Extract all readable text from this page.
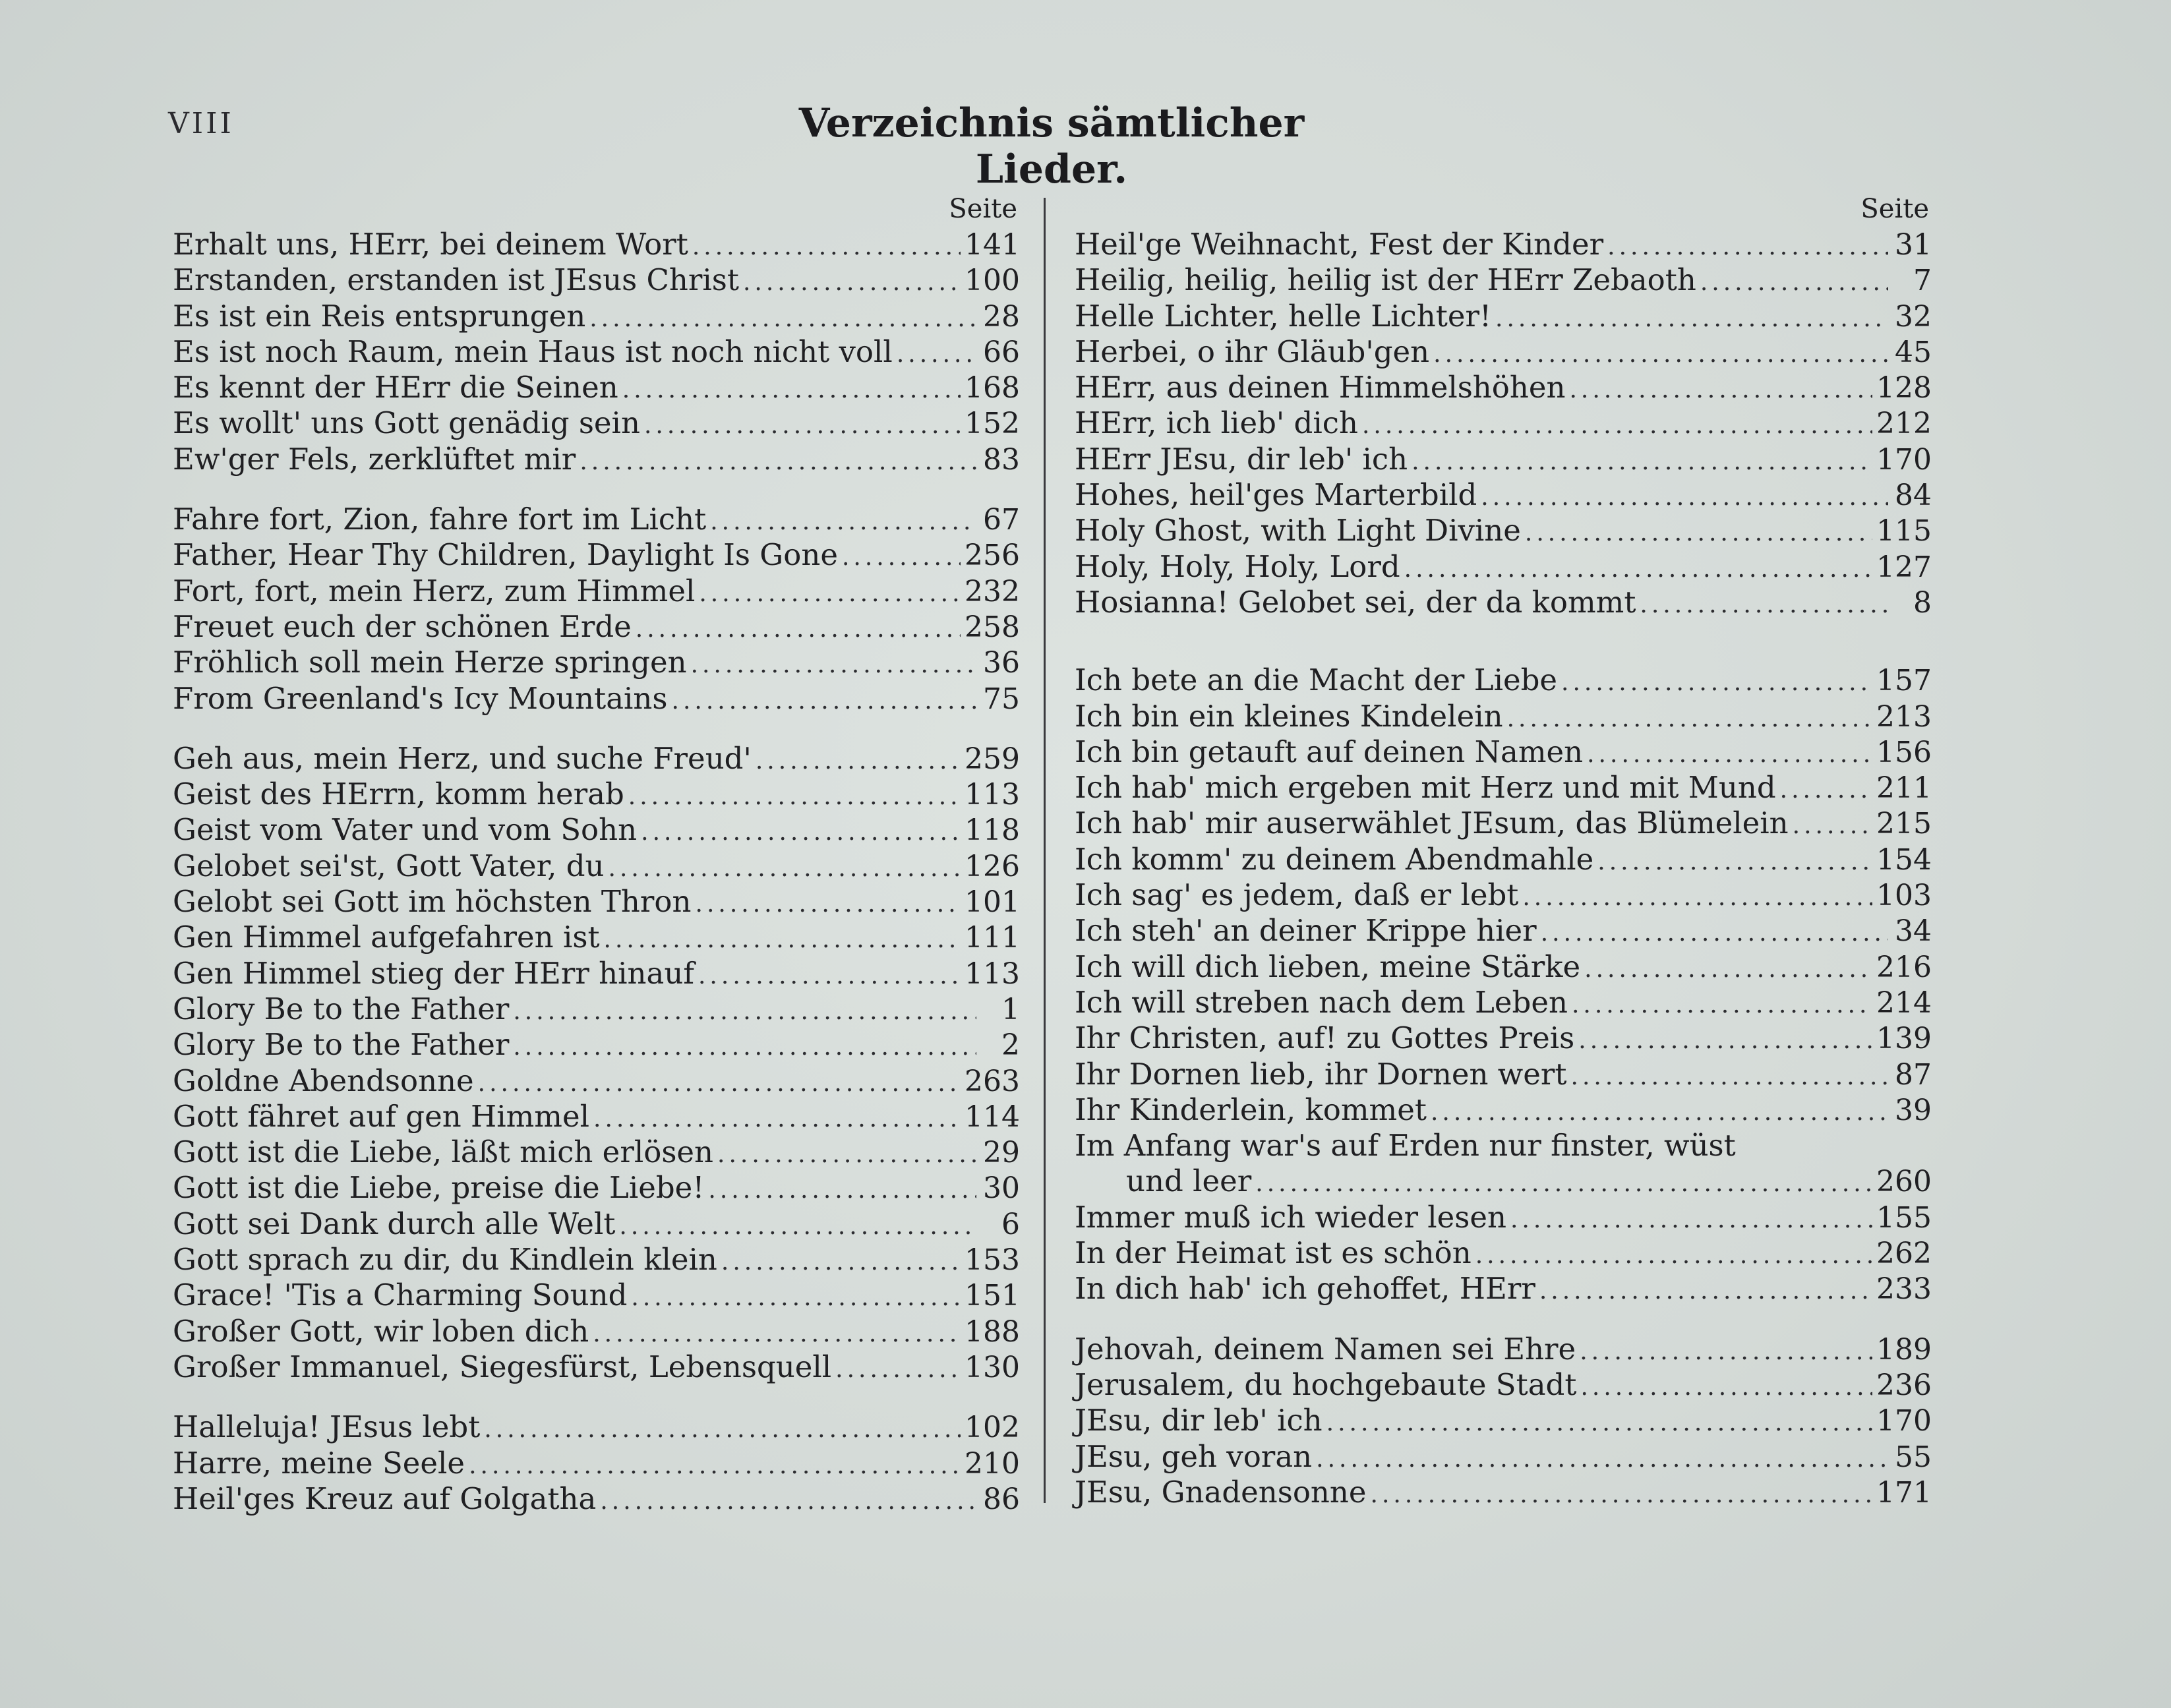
VIII	Verzeichnis sämtlicher Lieder.
Seite
Erhalt uns, HErr, bei deinem Wort .....	141
Erstanden, erstanden ist JEsus Christ .....	100
Es ist ein Reis entsprungen .....	28
Es ist noch Raum, mein Haus ist noch nicht voll .....	66
Es kennt der HErr die Seinen .....	168
Es wollt' uns Gott genädig sein .....	152
Ew'ger Fels, zerklüftet mir .....	83
Fahre fort, Zion, fahre fort im Licht .....	67
Father, Hear Thy Children, Daylight Is Gone .....	256
Fort, fort, mein Herz, zum Himmel .....	232
Freuet euch der schönen Erde .....	258
Fröhlich soll mein Herze springen .....	36
From Greenland's Icy Mountains .....	75
Geh aus, mein Herz, und suche Freud' .....	259
Geist des HErrn, komm herab .....	113
Geist vom Vater und vom Sohn .....	118
Gelobet sei'st, Gott Vater, du .....	126
Gelobt sei Gott im höchsten Thron .....	101
Gen Himmel aufgefahren ist .....	111
Gen Himmel stieg der HErr hinauf .....	113
Glory Be to the Father .....	1
Glory Be to the Father .....	2
Goldne Abendsonne .....	263
Gott fähret auf gen Himmel .....	114
Gott ist die Liebe, läßt mich erlösen .....	29
Gott ist die Liebe, preise die Liebe! .....	30
Gott sei Dank durch alle Welt .....	6
Gott sprach zu dir, du Kindlein klein .....	153
Grace! 'Tis a Charming Sound .....	151
Großer Gott, wir loben dich .....	188
Großer Immanuel, Siegesfürst, Lebensquell .....	130
Halleluja! JEsus lebt .....	102
Harre, meine Seele .....	210
Heil'ges Kreuz auf Golgatha .....	86
Seite
Heil'ge Weihnacht, Fest der Kinder .....	31
Heilig, heilig, heilig ist der HErr Zebaoth .....	7
Helle Lichter, helle Lichter! .....	32
Herbei, o ihr Gläub'gen .....	45
HErr, aus deinen Himmelshöhen .....	128
HErr, ich lieb' dich .....	212
HErr JEsu, dir leb' ich .....	170
Hohes, heil'ges Marterbild .....	84
Holy Ghost, with Light Divine .....	115
Holy, Holy, Holy, Lord .....	127
Hosianna! Gelobet sei, der da kommt .....	8
Ich bete an die Macht der Liebe .....	157
Ich bin ein kleines Kindelein .....	213
Ich bin getauft auf deinen Namen .....	156
Ich hab' mich ergeben mit Herz und mit Mund .....	211
Ich hab' mir auserwählet JEsum, das Blümelein .....	215
Ich komm' zu deinem Abendmahle .....	154
Ich sag' es jedem, daß er lebt .....	103
Ich steh' an deiner Krippe hier .....	34
Ich will dich lieben, meine Stärke .....	216
Ich will streben nach dem Leben .....	214
Ihr Christen, auf! zu Gottes Preis .....	139
Ihr Dornen lieb, ihr Dornen wert .....	87
Ihr Kinderlein, kommet .....	39
Im Anfang war's auf Erden nur finster, wüst
und leer .....	260
Immer muß ich wieder lesen .....	155
In der Heimat ist es schön .....	262
In dich hab' ich gehoffet, HErr .....	233
Jehovah, deinem Namen sei Ehre .....	189
Jerusalem, du hochgebaute Stadt .....	236
JEsu, dir leb' ich .....	170
JEsu, geh voran .....	55
JEsu, Gnadensonne .....	171
